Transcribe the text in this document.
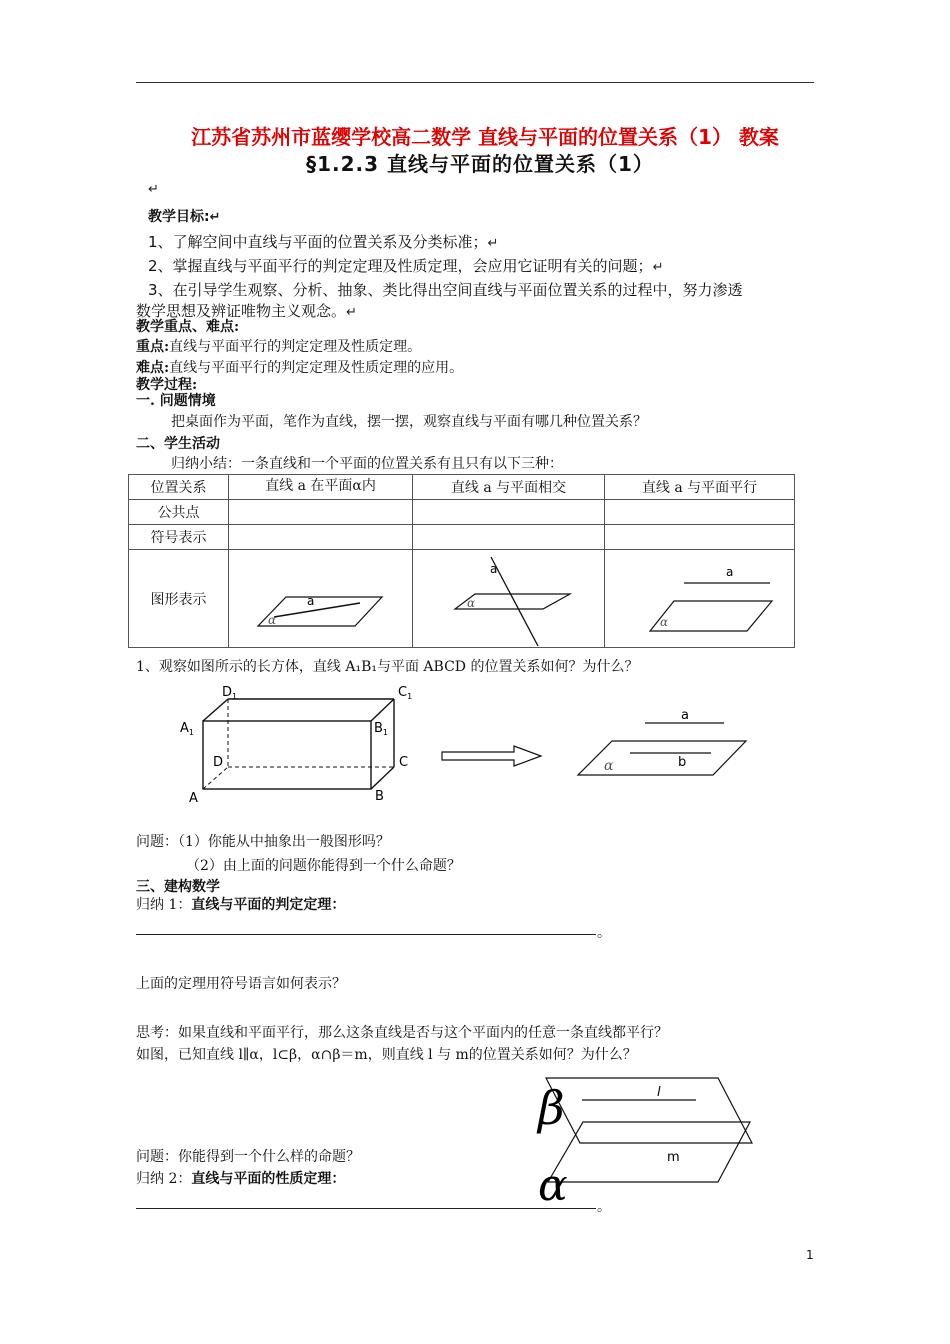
江苏省苏州市蓝缨学校高二数学 直线与平面的位置关系（1） 教案
§1.2.3 直线与平面的位置关系（1）
↵
教学目标:↵
1、了解空间中直线与平面的位置关系及分类标准；↵
2、掌握直线与平面平行的判定定理及性质定理，会应用它证明有关的问题；↵
3、在引导学生观察、分析、抽象、类比得出空间直线与平面位置关系的过程中，努力渗透
数学思想及辨证唯物主义观念。↵
教学重点、难点:
重点:直线与平面平行的判定定理及性质定理。
难点:直线与平面平行的判定定理及性质定理的应用。
教学过程:
一. 问题情境
把桌面作为平面，笔作为直线，摆一摆，观察直线与平面有哪几种位置关系？
二、学生活动
归纳小结：一条直线和一个平面的位置关系有且只有以下三种：
位置关系	直线 a 在平面α内	直线 a 与平面相交	直线 a 与平面平行
公共点			
符号表示			
图形表示				a
α
a
α
a
α
$D_1$	$C_1$
$A_1$	$B_1$
D	C
A	B
a
b
α
l
m
β
α
1、观察如图所示的长方体，直线 A₁B₁与平面 ABCD 的位置关系如何？为什么？
问题：（1）你能从中抽象出一般图形吗？
（2）由上面的问题你能得到一个什么命题？
三、建构数学
归纳 1：直线与平面的判定定理：
。
上面的定理用符号语言如何表示？
思考：如果直线和平面平行，那么这条直线是否与这个平面内的任意一条直线都平行？
如图，已知直线 l∥α，l⊂β，α∩β＝m，则直线 l 与 m的位置关系如何？为什么？
问题：你能得到一个什么样的命题？
归纳 2：直线与平面的性质定理：
。
1
